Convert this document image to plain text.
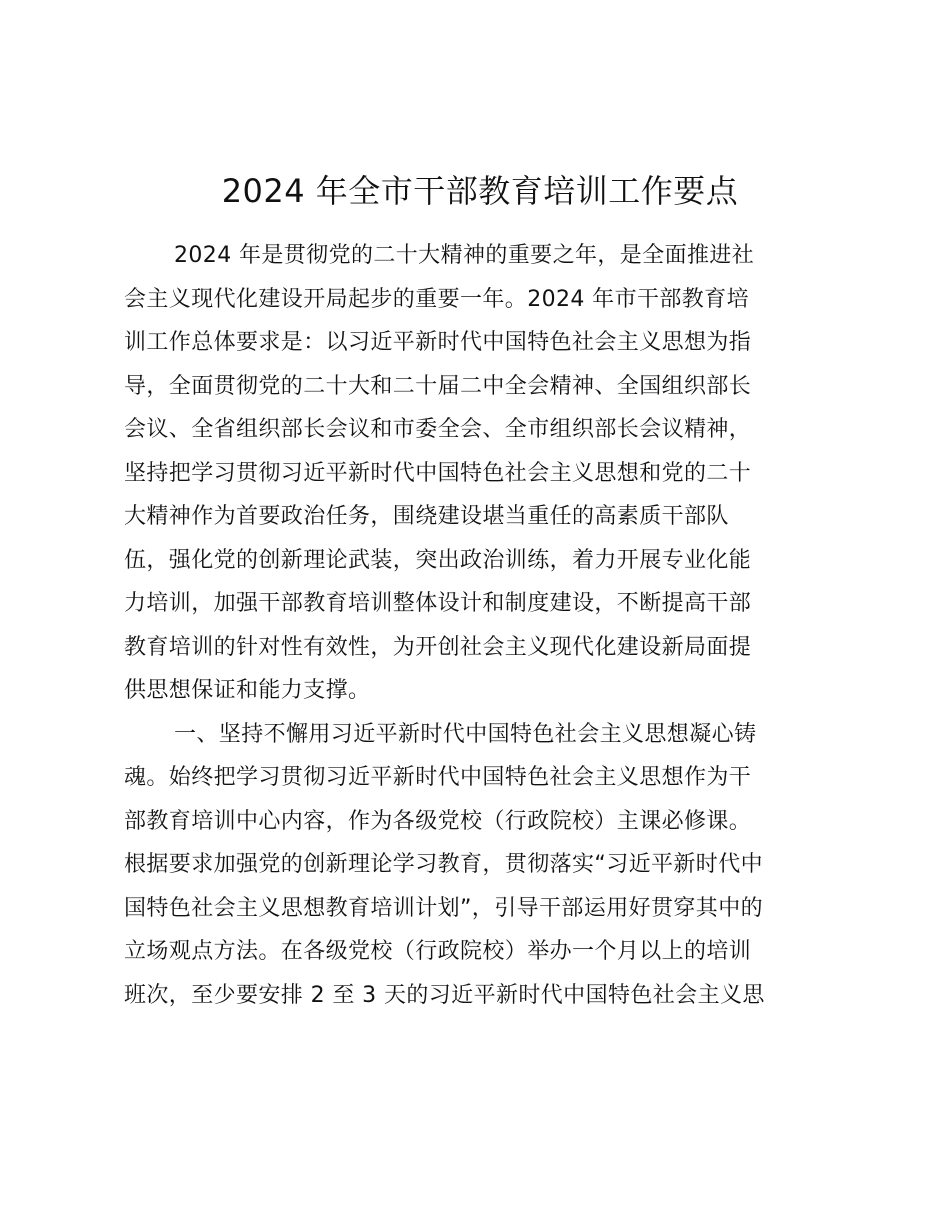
2024 年全市干部教育培训工作要点
2024 年是贯彻党的二十大精神的重要之年，是全面推进社
会主义现代化建设开局起步的重要一年。2024 年市干部教育培
训工作总体要求是：以习近平新时代中国特色社会主义思想为指
导，全面贯彻党的二十大和二十届二中全会精神、全国组织部长
会议、全省组织部长会议和市委全会、全市组织部长会议精神，
坚持把学习贯彻习近平新时代中国特色社会主义思想和党的二十
大精神作为首要政治任务，围绕建设堪当重任的高素质干部队
伍，强化党的创新理论武装，突出政治训练，着力开展专业化能
力培训，加强干部教育培训整体设计和制度建设，不断提高干部
教育培训的针对性有效性，为开创社会主义现代化建设新局面提
供思想保证和能力支撑。
一、坚持不懈用习近平新时代中国特色社会主义思想凝心铸
魂。始终把学习贯彻习近平新时代中国特色社会主义思想作为干
部教育培训中心内容，作为各级党校（行政院校）主课必修课。
根据要求加强党的创新理论学习教育，贯彻落实“习近平新时代中
国特色社会主义思想教育培训计划”，引导干部运用好贯穿其中的
立场观点方法。在各级党校（行政院校）举办一个月以上的培训
班次，至少要安排 2 至 3 天的习近平新时代中国特色社会主义思
